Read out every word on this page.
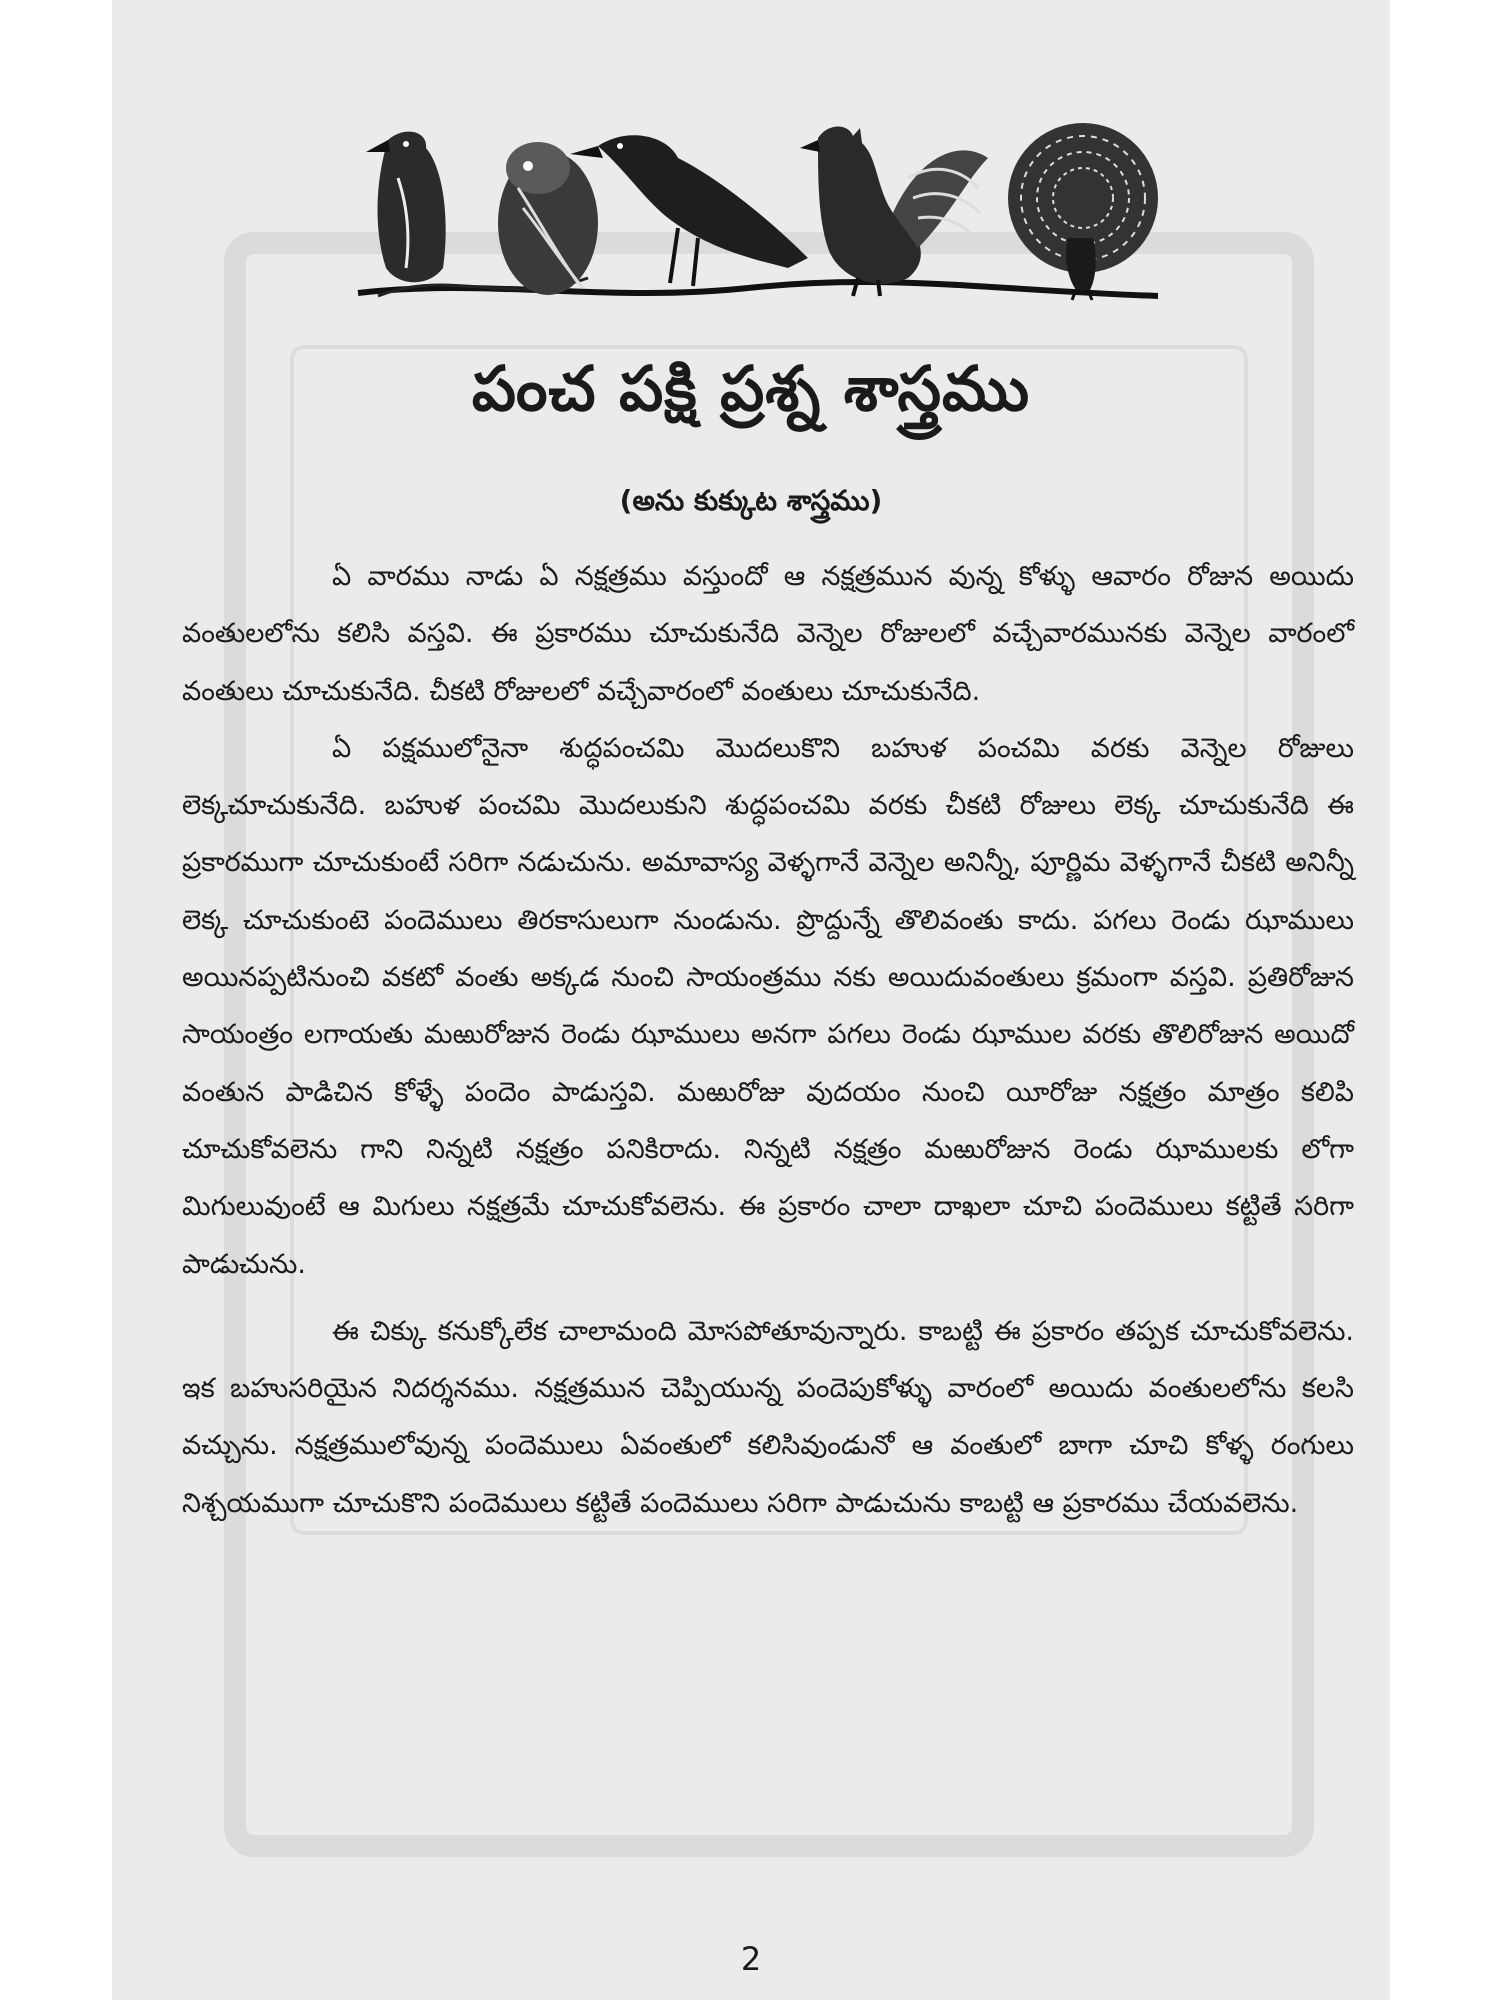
పంచ పక్షి ప్రశ్న శాస్త్రము
(అను కుక్కుట శాస్త్రము)

ఏ వారము నాడు ఏ నక్షత్రము వస్తుందో ఆ నక్షత్రమున వున్న కోళ్ళు ఆవారం రోజున అయిదు వంతులలోను కలిసి వస్తవి. ఈ ప్రకారము చూచుకునేది వెన్నెల రోజులలో వచ్చేవారమునకు వెన్నెల వారంలో వంతులు చూచుకునేది. చీకటి రోజులలో వచ్చేవారంలో వంతులు చూచుకునేది.

ఏ పక్షములోనైనా శుద్ధపంచమి మొదలుకొని బహుళ పంచమి వరకు వెన్నెల రోజులు లెక్కచూచుకునేది. బహుళ పంచమి మొదలుకుని శుద్ధపంచమి వరకు చీకటి రోజులు లెక్క చూచుకునేది ఈ ప్రకారముగా చూచుకుంటే సరిగా నడుచును. అమావాస్య వెళ్ళగానే వెన్నెల అనిన్నీ, పూర్ణిమ వెళ్ళగానే చీకటి అనిన్నీ లెక్క చూచుకుంటె పందెములు తిరకాసులుగా నుండును. ప్రొద్దున్నే తొలివంతు కాదు. పగలు రెండు ఝాములు అయినప్పటినుంచి వకటో వంతు అక్కడ నుంచి సాయంత్రము నకు అయిదువంతులు క్రమంగా వస్తవి. ప్రతిరోజున సాయంత్రం లగాయతు మఱురోజున రెండు ఝాములు అనగా పగలు రెండు ఝాముల వరకు తొలిరోజున అయిదో వంతున పాడిచిన కోళ్ళే పందెం పాడుస్తవి. మఱురోజు వుదయం నుంచి యీరోజు నక్షత్రం మాత్రం కలిపి చూచుకోవలెను గాని నిన్నటి నక్షత్రం పనికిరాదు. నిన్నటి నక్షత్రం మఱురోజున రెండు ఝాములకు లోగా మిగులువుంటే ఆ మిగులు నక్షత్రమే చూచుకోవలెను. ఈ ప్రకారం చాలా దాఖలా చూచి పందెములు కట్టితే సరిగా పాడుచును.

ఈ చిక్కు కనుక్కోలేక చాలామంది మోసపోతూవున్నారు. కాబట్టి ఈ ప్రకారం తప్పక చూచుకోవలెను. ఇక బహుసరియైన నిదర్శనము. నక్షత్రమున చెప్పియున్న పందెపుకోళ్ళు వారంలో అయిదు వంతులలోను కలసి వచ్చును. నక్షత్రములోవున్న పందెములు ఏవంతులో కలిసివుండునో ఆ వంతులో బాగా చూచి కోళ్ళ రంగులు నిశ్చయముగా చూచుకొని పందెములు కట్టితే పందెములు సరిగా పాడుచును కాబట్టి ఆ ప్రకారము చేయవలెను.

2
